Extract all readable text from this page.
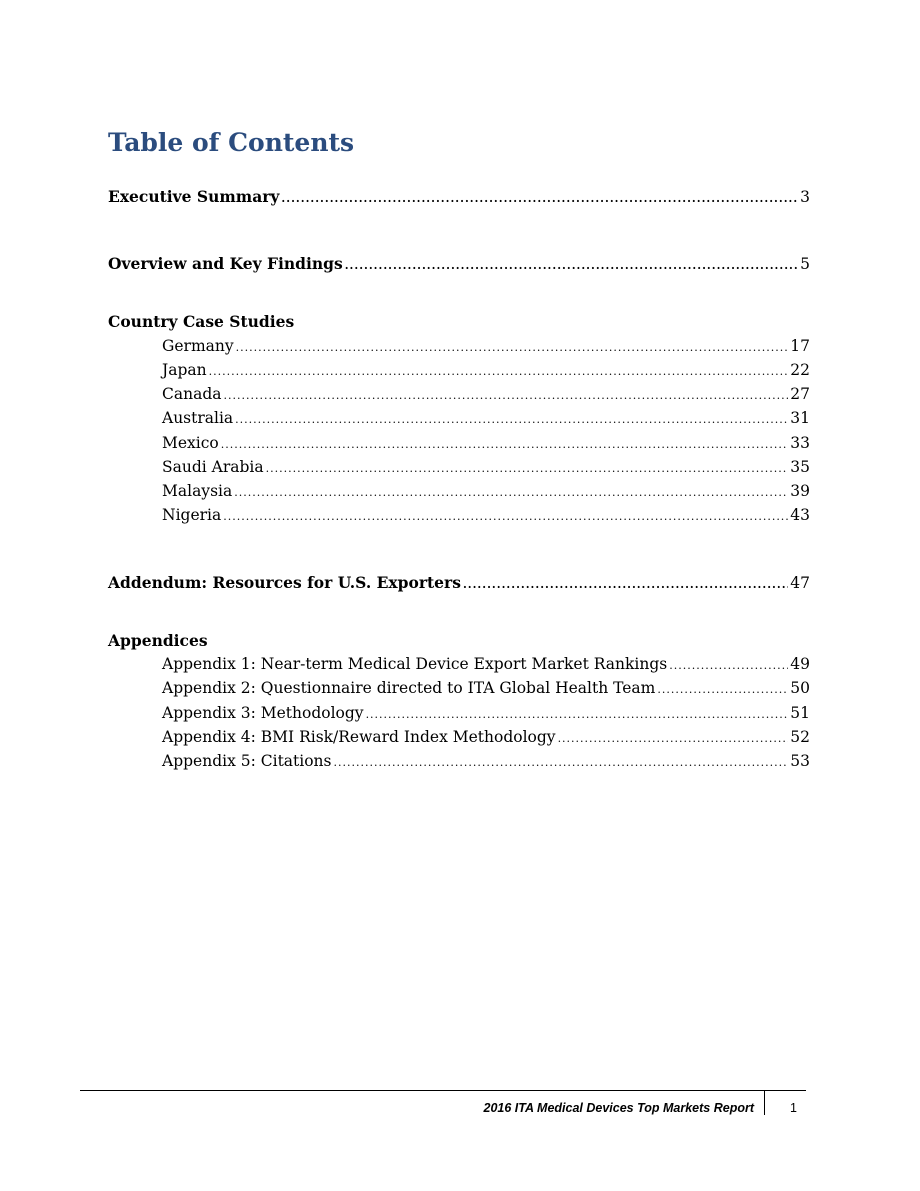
Table of Contents
Executive Summary .....	3
Overview and Key Findings .....	5
Country Case Studies
Germany .....	17
Japan .....	22
Canada .....	27
Australia .....	31
Mexico .....	33
Saudi Arabia .....	35
Malaysia .....	39
Nigeria .....	43
Addendum: Resources for U.S. Exporters .....	47
Appendices
Appendix 1: Near-term Medical Device Export Market Rankings .....	49
Appendix 2: Questionnaire directed to ITA Global Health Team .....	50
Appendix 3: Methodology .....	51
Appendix 4: BMI Risk/Reward Index Methodology .....	52
Appendix 5: Citations .....	53
2016 ITA Medical Devices Top Markets Report	1
